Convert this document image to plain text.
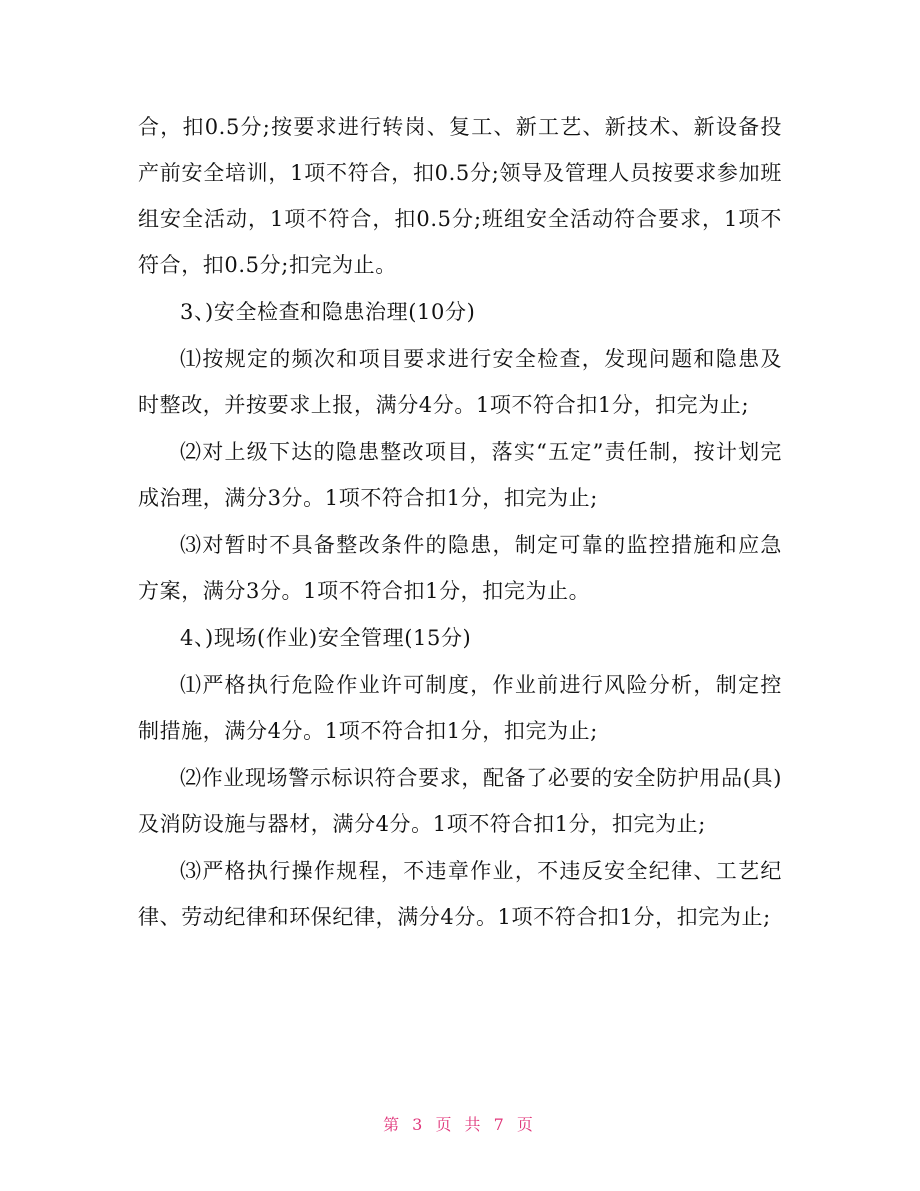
合，扣0.5分;按要求进行转岗、复工、新工艺、新技术、新设备投产前安全培训，1项不符合，扣0.5分;领导及管理人员按要求参加班组安全活动，1项不符合，扣0.5分;班组安全活动符合要求，1项不符合，扣0.5分;扣完为止。

3、)安全检查和隐患治理(10分)

⑴按规定的频次和项目要求进行安全检查，发现问题和隐患及时整改，并按要求上报，满分4分。1项不符合扣1分，扣完为止;

⑵对上级下达的隐患整改项目，落实“五定”责任制，按计划完成治理，满分3分。1项不符合扣1分，扣完为止;

⑶对暂时不具备整改条件的隐患，制定可靠的监控措施和应急方案，满分3分。1项不符合扣1分，扣完为止。

4、)现场(作业)安全管理(15分)

⑴严格执行危险作业许可制度，作业前进行风险分析，制定控制措施，满分4分。1项不符合扣1分，扣完为止;

⑵作业现场警示标识符合要求，配备了必要的安全防护用品(具)及消防设施与器材，满分4分。1项不符合扣1分，扣完为止;

⑶严格执行操作规程，不违章作业，不违反安全纪律、工艺纪律、劳动纪律和环保纪律，满分4分。1项不符合扣1分，扣完为止;

第 3 页 共 7 页
